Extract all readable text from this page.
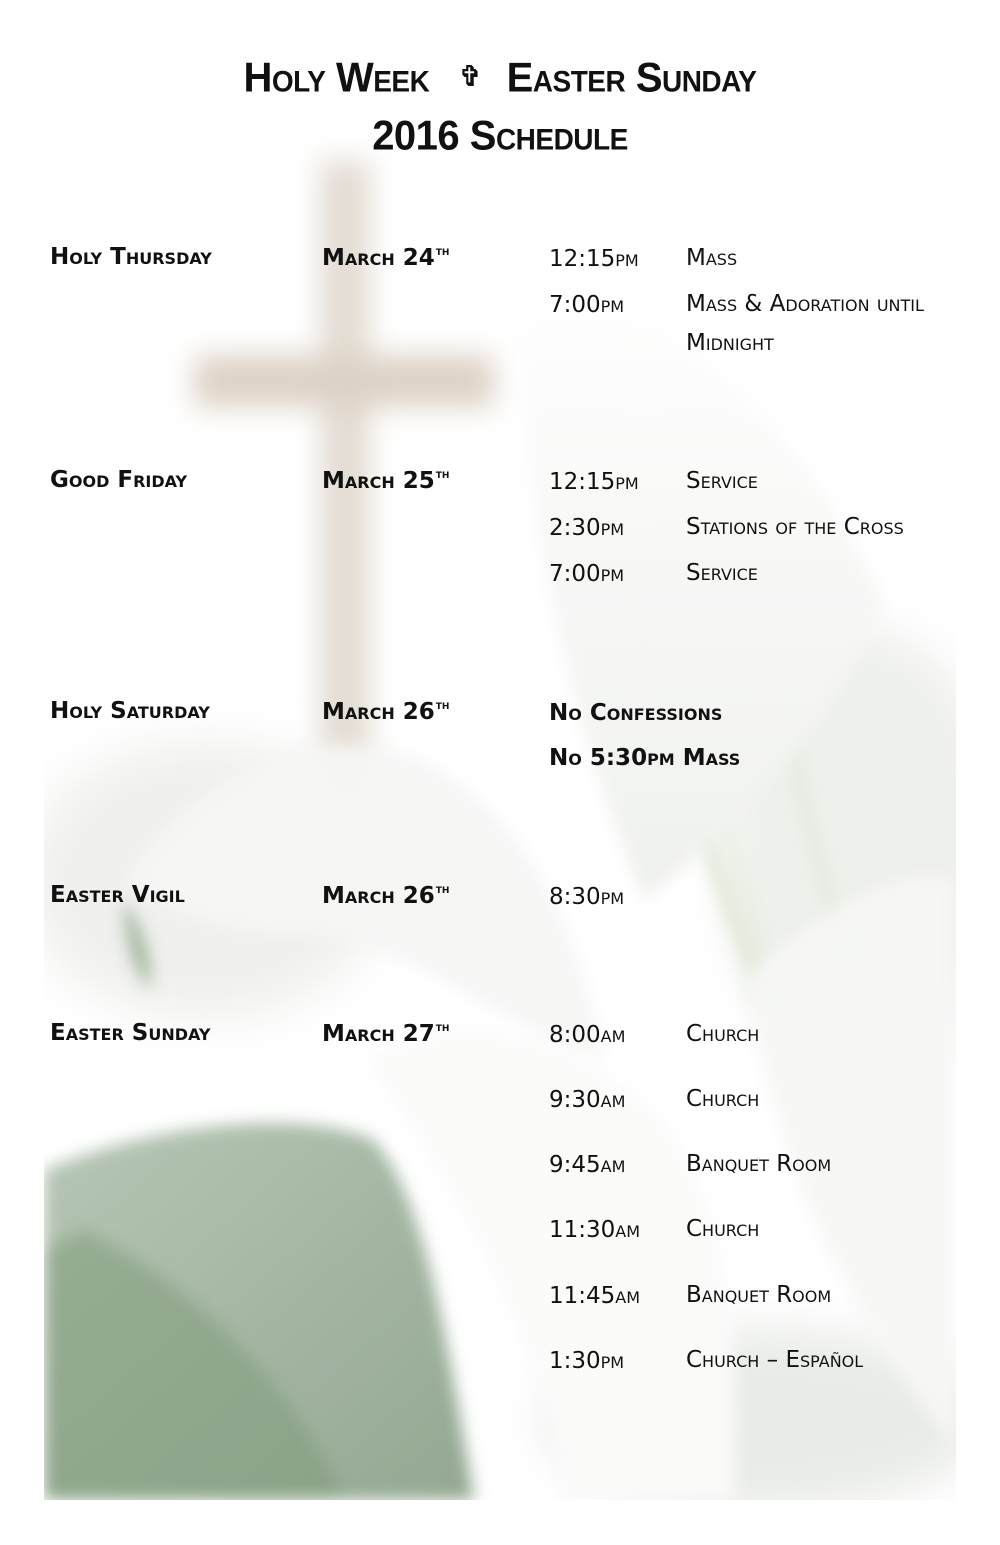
Holy Week ✞ Easter Sunday
2016 Schedule
Holy Thursday	March 24th	12:15pm Mass
7:00pm	Mass & Adoration until Midnight
Good Friday	March 25th	12:15pm Service
2:30pm	Stations of the Cross
7:00pm	Service
Holy Saturday	March 26th	No Confessions
No 5:30pm Mass
Easter Vigil	March 26th	8:30pm
Easter Sunday	March 27th	8:00am	Church
9:30am	Church
9:45am	Banquet Room
11:30am Church
11:45am Banquet Room
1:30pm	Church – Español
